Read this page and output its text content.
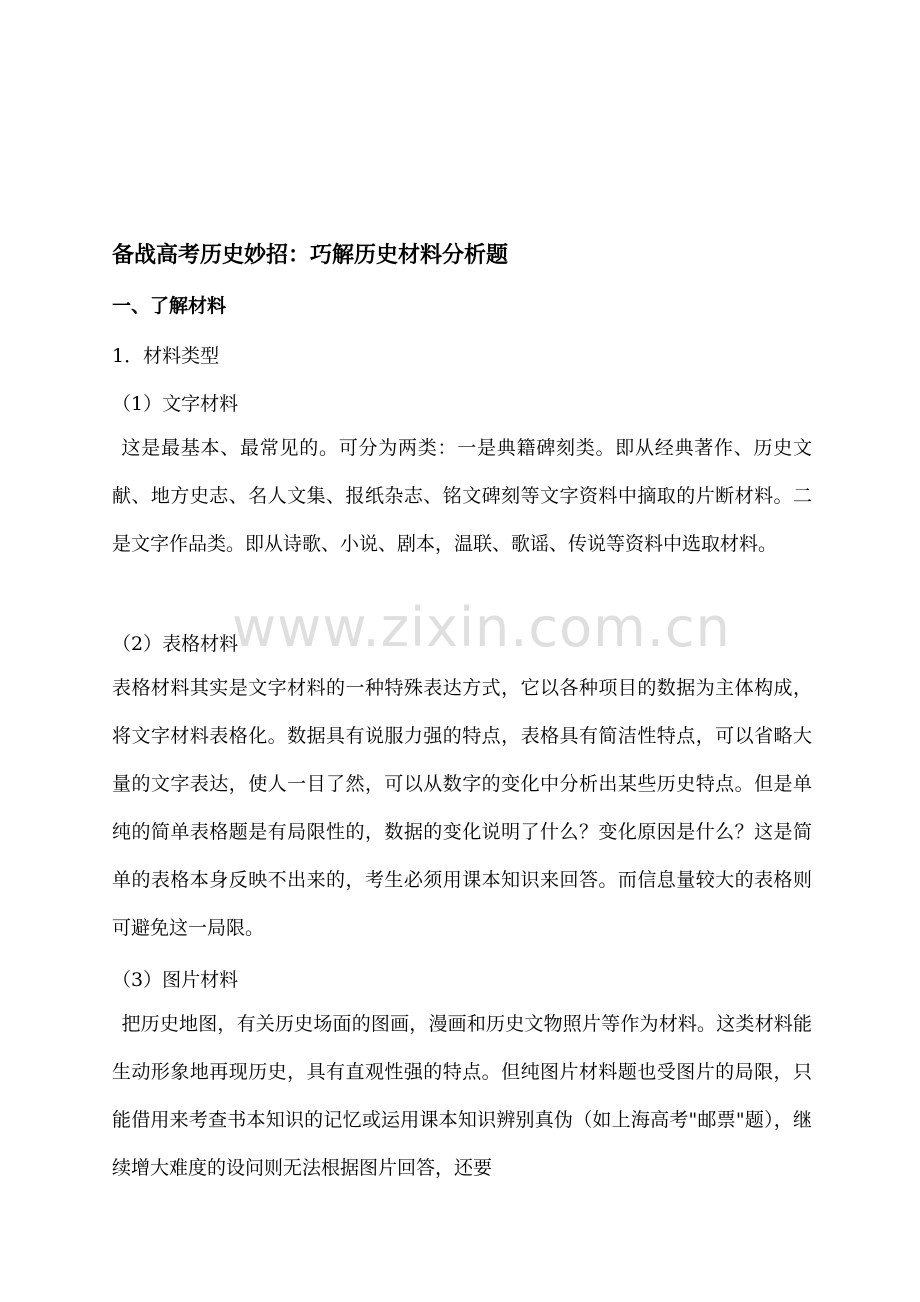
备战高考历史妙招：巧解历史材料分析题
一、了解材料

1．材料类型

（1）文字材料

这是最基本、最常见的。可分为两类：一是典籍碑刻类。即从经典著作、历史文献、地方史志、名人文集、报纸杂志、铭文碑刻等文字资料中摘取的片断材料。二是文字作品类。即从诗歌、小说、剧本，温联、歌谣、传说等资料中选取材料。

（2）表格材料

表格材料其实是文字材料的一种特殊表达方式，它以各种项目的数据为主体构成，将文字材料表格化。数据具有说服力强的特点，表格具有简洁性特点，可以省略大量的文字表达，使人一目了然，可以从数字的变化中分析出某些历史特点。但是单纯的简单表格题是有局限性的，数据的变化说明了什么？变化原因是什么？这是简单的表格本身反映不出来的，考生必须用课本知识来回答。而信息量较大的表格则可避免这一局限。

（3）图片材料

把历史地图，有关历史场面的图画，漫画和历史文物照片等作为材料。这类材料能生动形象地再现历史，具有直观性强的特点。但纯图片材料题也受图片的局限，只能借用来考查书本知识的记忆或运用课本知识辨别真伪（如上海高考"邮票"题），继续增大难度的设问则无法根据图片回答，还要

www.zixin.com.cn
